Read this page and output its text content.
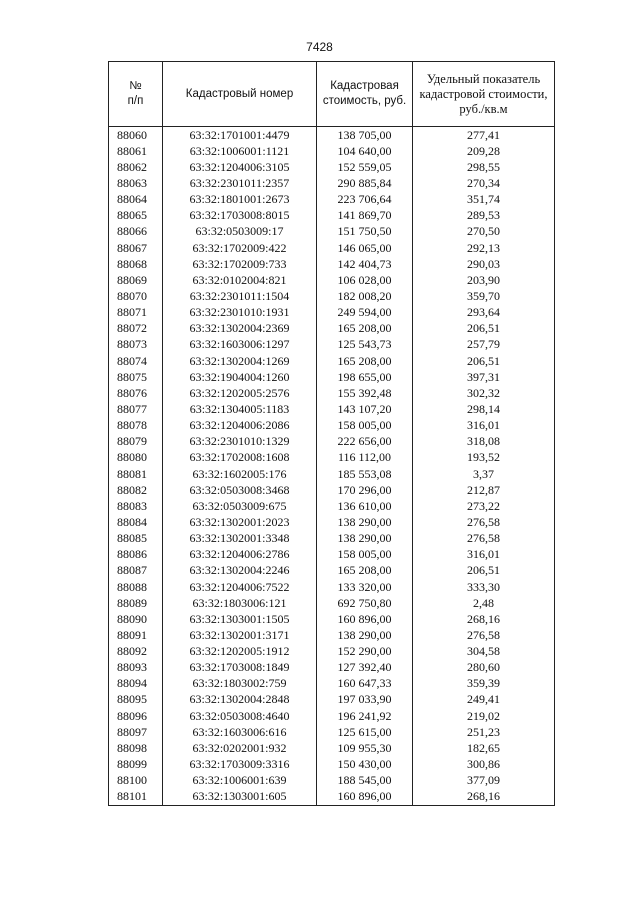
7428
№
п/п	Кадастровый номер	Кадастровая стоимость, руб.	Удельный показатель кадастровой стоимости, руб./кв.м
88060	63:32:1701001:4479	138 705,00	277,41
88061	63:32:1006001:1121	104 640,00	209,28
88062	63:32:1204006:3105	152 559,05	298,55
88063	63:32:2301011:2357	290 885,84	270,34
88064	63:32:1801001:2673	223 706,64	351,74
88065	63:32:1703008:8015	141 869,70	289,53
88066	63:32:0503009:17	151 750,50	270,50
88067	63:32:1702009:422	146 065,00	292,13
88068	63:32:1702009:733	142 404,73	290,03
88069	63:32:0102004:821	106 028,00	203,90
88070	63:32:2301011:1504	182 008,20	359,70
88071	63:32:2301010:1931	249 594,00	293,64
88072	63:32:1302004:2369	165 208,00	206,51
88073	63:32:1603006:1297	125 543,73	257,79
88074	63:32:1302004:1269	165 208,00	206,51
88075	63:32:1904004:1260	198 655,00	397,31
88076	63:32:1202005:2576	155 392,48	302,32
88077	63:32:1304005:1183	143 107,20	298,14
88078	63:32:1204006:2086	158 005,00	316,01
88079	63:32:2301010:1329	222 656,00	318,08
88080	63:32:1702008:1608	116 112,00	193,52
88081	63:32:1602005:176	185 553,08	3,37
88082	63:32:0503008:3468	170 296,00	212,87
88083	63:32:0503009:675	136 610,00	273,22
88084	63:32:1302001:2023	138 290,00	276,58
88085	63:32:1302001:3348	138 290,00	276,58
88086	63:32:1204006:2786	158 005,00	316,01
88087	63:32:1302004:2246	165 208,00	206,51
88088	63:32:1204006:7522	133 320,00	333,30
88089	63:32:1803006:121	692 750,80	2,48
88090	63:32:1303001:1505	160 896,00	268,16
88091	63:32:1302001:3171	138 290,00	276,58
88092	63:32:1202005:1912	152 290,00	304,58
88093	63:32:1703008:1849	127 392,40	280,60
88094	63:32:1803002:759	160 647,33	359,39
88095	63:32:1302004:2848	197 033,90	249,41
88096	63:32:0503008:4640	196 241,92	219,02
88097	63:32:1603006:616	125 615,00	251,23
88098	63:32:0202001:932	109 955,30	182,65
88099	63:32:1703009:3316	150 430,00	300,86
88100	63:32:1006001:639	188 545,00	377,09
88101	63:32:1303001:605	160 896,00	268,16
